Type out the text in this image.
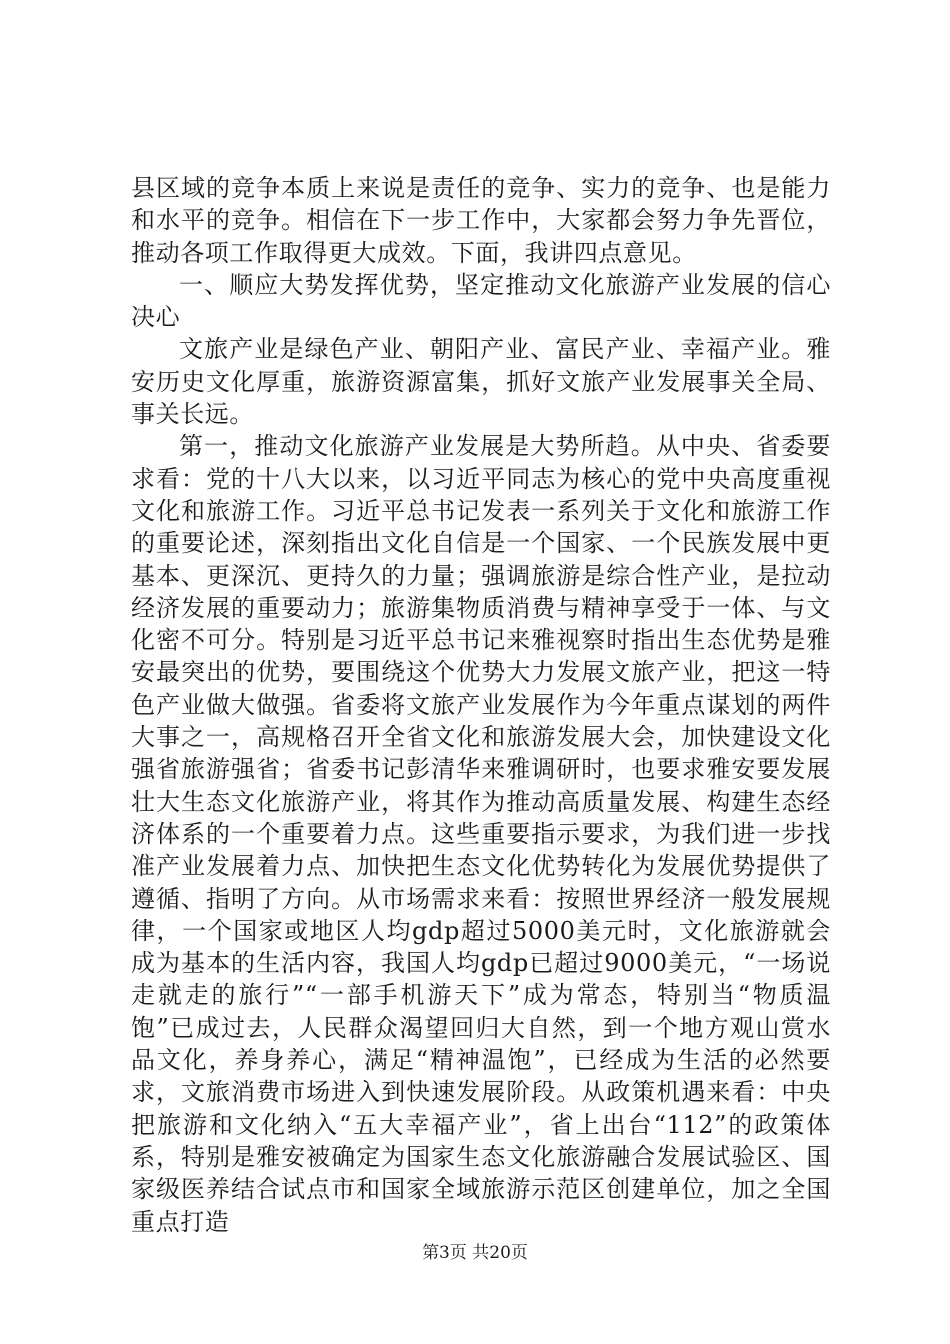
县区域的竞争本质上来说是责任的竞争、实力的竞争、也是能力和水平的竞争。相信在下一步工作中，大家都会努力争先晋位，推动各项工作取得更大成效。下面，我讲四点意见。

一、顺应大势发挥优势，坚定推动文化旅游产业发展的信心决心

文旅产业是绿色产业、朝阳产业、富民产业、幸福产业。雅安历史文化厚重，旅游资源富集，抓好文旅产业发展事关全局、事关长远。

第一，推动文化旅游产业发展是大势所趋。从中央、省委要求看：党的十八大以来，以习近平同志为核心的党中央高度重视文化和旅游工作。习近平总书记发表一系列关于文化和旅游工作的重要论述，深刻指出文化自信是一个国家、一个民族发展中更基本、更深沉、更持久的力量；强调旅游是综合性产业，是拉动经济发展的重要动力；旅游集物质消费与精神享受于一体、与文化密不可分。特别是习近平总书记来雅视察时指出生态优势是雅安最突出的优势，要围绕这个优势大力发展文旅产业，把这一特色产业做大做强。省委将文旅产业发展作为今年重点谋划的两件大事之一，高规格召开全省文化和旅游发展大会，加快建设文化强省旅游强省；省委书记彭清华来雅调研时，也要求雅安要发展壮大生态文化旅游产业，将其作为推动高质量发展、构建生态经济体系的一个重要着力点。这些重要指示要求，为我们进一步找准产业发展着力点、加快把生态文化优势转化为发展优势提供了遵循、指明了方向。从市场需求来看：按照世界经济一般发展规律，一个国家或地区人均gdp超过5000美元时，文化旅游就会成为基本的生活内容，我国人均gdp已超过9000美元，“一场说走就走的旅行”“一部手机游天下”成为常态，特别当“物质温饱”已成过去，人民群众渴望回归大自然，到一个地方观山赏水品文化，养身养心，满足“精神温饱”，已经成为生活的必然要求，文旅消费市场进入到快速发展阶段。从政策机遇来看：中央把旅游和文化纳入“五大幸福产业”，省上出台“112”的政策体系，特别是雅安被确定为国家生态文化旅游融合发展试验区、国家级医养结合试点市和国家全域旅游示范区创建单位，加之全国重点打造

第3页 共20页
